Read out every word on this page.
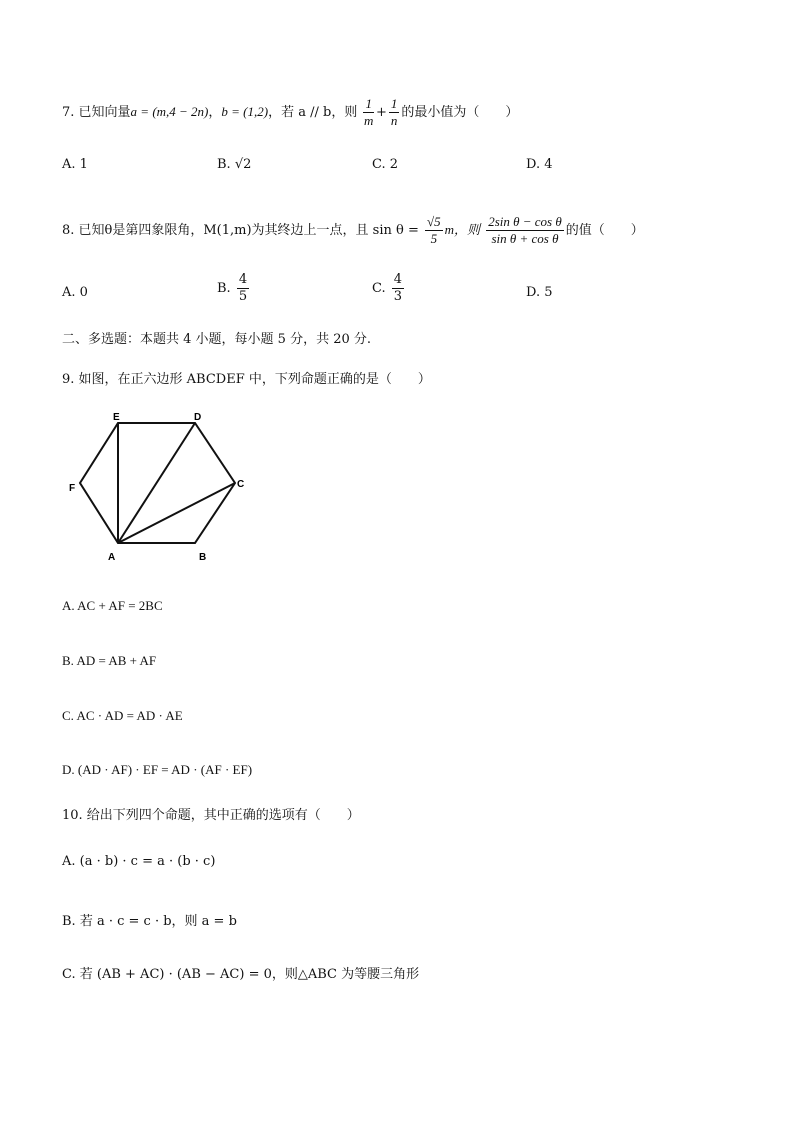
7. 已知向量a = (m,4 − 2n)，b = (1,2)，若 a // b，则 $\frac{1}{m} + \frac{1}{n}$ 的最小值为（　　）
A. 1	B. √2	C. 2	D. 4
8. 已知θ是第四象限角，M(1,m)为其终边上一点，且 $\sin \theta = \frac{√5}{5}$ m，则 $\frac{\text{2sin θ − cos θ}}{\text{sin θ + cos θ}}$ 的值（　　）
A. 0	B. $\frac{4}{5}$	C. $\frac{4}{3}$	D. 5
二、多选题：本题共 4 小题，每小题 5 分，共 20 分.
9. 如图，在正六边形 ABCDEF 中，下列命题正确的是（　　）
A	B
C
D
E
F
A. AC + AF = 2BC
B. AD = AB + AF
C. AC · AD = AD · AE
D. (AD · AF) · EF = AD · (AF · EF)
10. 给出下列四个命题，其中正确的选项有（　　）
A. (a · b) · c = a · (b · c)
B. 若 a · c = c · b，则 a = b
C. 若 (AB + AC) · (AB − AC) = 0，则△ABC 为等腰三角形
